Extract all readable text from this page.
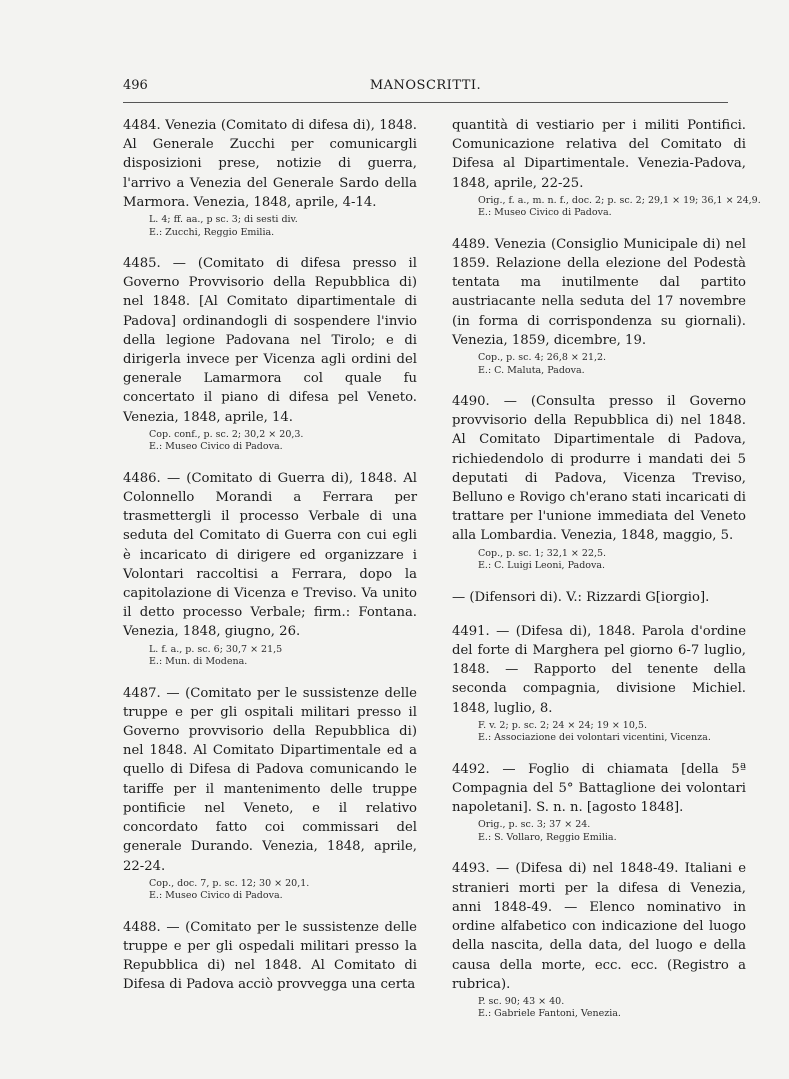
496	MANOSCRITTI.

4484. Venezia (Comitato di difesa di), 1848. Al Generale Zucchi per comunicargli disposizioni prese, notizie di guerra, l'arrivo a Venezia del Generale Sardo della Marmora. Venezia, 1848, aprile, 4-14.

L. 4; ff. aa., p sc. 3; di sesti div.
E.: Zucchi, Reggio Emilia.

4485. — (Comitato di difesa presso il Governo Provvisorio della Repubblica di) nel 1848. [Al Comitato dipartimentale di Padova] ordinandogli di sospendere l'invio della legione Padovana nel Tirolo; e di dirigerla invece per Vicenza agli ordini del generale Lamarmora col quale fu concertato il piano di difesa pel Veneto. Venezia, 1848, aprile, 14.

Cop. conf., p. sc. 2; 30,2 × 20,3.
E.: Museo Civico di Padova.

4486. — (Comitato di Guerra di), 1848. Al Colonnello Morandi a Ferrara per trasmettergli il processo Verbale di una seduta del Comitato di Guerra con cui egli è incaricato di dirigere ed organizzare i Volontari raccoltisi a Ferrara, dopo la capitolazione di Vicenza e Treviso. Va unito il detto processo Verbale; firm.: Fontana. Venezia, 1848, giugno, 26.

L. f. a., p. sc. 6; 30,7 × 21,5
E.: Mun. di Modena.

4487. — (Comitato per le sussistenze delle truppe e per gli ospitali militari presso il Governo provvisorio della Repubblica di) nel 1848. Al Comitato Dipartimentale ed a quello di Difesa di Padova comunicando le tariffe per il mantenimento delle truppe pontificie nel Veneto, e il relativo concordato fatto coi commissari del generale Durando. Venezia, 1848, aprile, 22-24.

Cop., doc. 7, p. sc. 12; 30 × 20,1.
E.: Museo Civico di Padova.

4488. — (Comitato per le sussistenze delle truppe e per gli ospedali militari presso la Repubblica di) nel 1848. Al Comitato di Difesa di Padova acciò provvegga una certa

quantità di vestiario per i militi Pontifici. Comunicazione relativa del Comitato di Difesa al Dipartimentale. Venezia-Padova, 1848, aprile, 22-25.

Orig., f. a., m. n. f., doc. 2; p. sc. 2; 29,1 × 19; 36,1 × 24,9.
E.: Museo Civico di Padova.

4489. Venezia (Consiglio Municipale di) nel 1859. Relazione della elezione del Podestà tentata ma inutilmente dal partito austriacante nella seduta del 17 novembre (in forma di corrispondenza su giornali). Venezia, 1859, dicembre, 19.

Cop., p. sc. 4; 26,8 × 21,2.
E.: C. Maluta, Padova.

4490. — (Consulta presso il Governo provvisorio della Repubblica di) nel 1848. Al Comitato Dipartimentale di Padova, richiedendolo di produrre i mandati dei 5 deputati di Padova, Vicenza Treviso, Belluno e Rovigo ch'erano stati incaricati di trattare per l'unione immediata del Veneto alla Lombardia. Venezia, 1848, maggio, 5.

Cop., p. sc. 1; 32,1 × 22,5.
E.: C. Luigi Leoni, Padova.

— (Difensori di). V.: Rizzardi G[iorgio].

4491. — (Difesa di), 1848. Parola d'ordine del forte di Marghera pel giorno 6-7 luglio, 1848. — Rapporto del tenente della seconda compagnia, divisione Michiel. 1848, luglio, 8.

F. v. 2; p. sc. 2; 24 × 24; 19 × 10,5.
E.: Associazione dei volontari vicentini, Vicenza.

4492. — Foglio di chiamata [della 5ª Compagnia del 5° Battaglione dei volontari napoletani]. S. n. n. [agosto 1848].

Orig., p. sc. 3; 37 × 24.
E.: S. Vollaro, Reggio Emilia.

4493. — (Difesa di) nel 1848-49. Italiani e stranieri morti per la difesa di Venezia, anni 1848-49. — Elenco nominativo in ordine alfabetico con indicazione del luogo della nascita, della data, del luogo e della causa della morte, ecc. ecc. (Registro a rubrica).

P. sc. 90; 43 × 40.
E.: Gabriele Fantoni, Venezia.
